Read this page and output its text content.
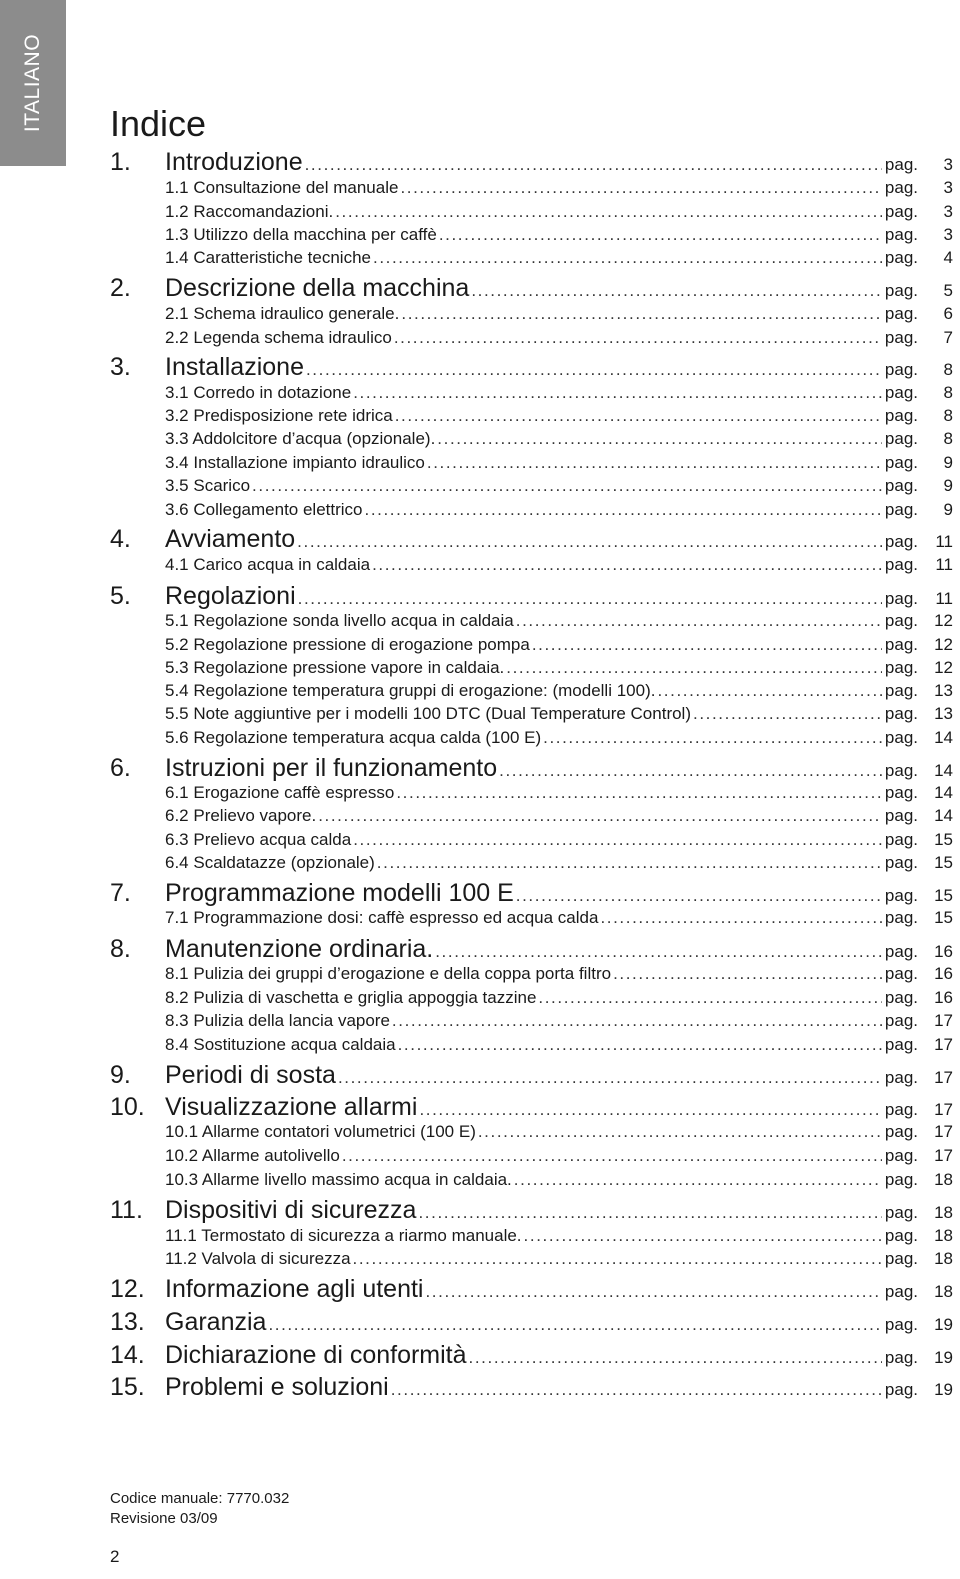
ITALIANO Indice
1.	Introduzione .....	pag.	3
1.1 Consultazione del manuale .....	pag.	3
1.2 Raccomandazioni. .....	pag.	3
1.3 Utilizzo della macchina per caffè .....	pag.	3
1.4 Caratteristiche tecniche .....	pag.	4
2.	Descrizione della macchina .....	pag.	5
2.1 Schema idraulico generale. .....	pag.	6
2.2 Legenda schema idraulico .....	pag.	7
3.	Installazione .....	pag.	8
3.1 Corredo in dotazione .....	pag.	8
3.2 Predisposizione rete idrica .....	pag.	8
3.3 Addolcitore d’acqua (opzionale). .....	pag.	8
3.4 Installazione impianto idraulico .....	pag.	9
3.5 Scarico .....	pag.	9
3.6 Collegamento elettrico .....	pag.	9
4.	Avviamento .....	pag.	11
4.1 Carico acqua in caldaia .....	pag.	11
5.	Regolazioni .....	pag.	11
5.1 Regolazione sonda livello acqua in caldaia .....	pag. 12
5.2 Regolazione pressione di erogazione pompa .....	pag. 12
5.3 Regolazione pressione vapore in caldaia. .....	pag. 12
5.4 Regolazione temperatura gruppi di erogazione: (modelli 100). .....	pag. 13
5.5 Note aggiuntive per i modelli 100 DTC (Dual Temperature Control) .....	pag. 13
5.6 Regolazione temperatura acqua calda (100 E) .....	pag. 14
6.	Istruzioni per il funzionamento .....	pag. 14
6.1 Erogazione caffè espresso .....	pag. 14
6.2 Prelievo vapore. .....	pag. 14
6.3 Prelievo acqua calda .....	pag. 15
6.4 Scaldatazze (opzionale) .....	pag. 15
7.	Programmazione modelli 100 E .....	pag. 15
7.1 Programmazione dosi: caffè espresso ed acqua calda .....	pag. 15
8.	Manutenzione ordinaria. .....	pag. 16
8.1 Pulizia dei gruppi d’erogazione e della coppa porta filtro .....	pag. 16
8.2 Pulizia di vaschetta e griglia appoggia tazzine .....	pag. 16
8.3 Pulizia della lancia vapore .....	pag. 17
8.4 Sostituzione acqua caldaia .....	pag. 17
9.	Periodi di sosta .....	pag. 17
10. Visualizzazione allarmi .....	pag. 17
10.1 Allarme contatori volumetrici (100 E) .....	pag. 17
10.2 Allarme autolivello .....	pag. 17
10.3 Allarme livello massimo acqua in caldaia. .....	pag. 18
11. Dispositivi di sicurezza .....	pag. 18
11.1 Termostato di sicurezza a riarmo manuale. .....	pag. 18
11.2 Valvola di sicurezza .....	pag. 18
12. Informazione agli utenti .....	pag. 18
13. Garanzia .....	pag. 19
14. Dichiarazione di conformità .....	pag. 19
15. Problemi e soluzioni .....	pag. 19
Codice manuale: 7770.032
Revisione 03/09
2
